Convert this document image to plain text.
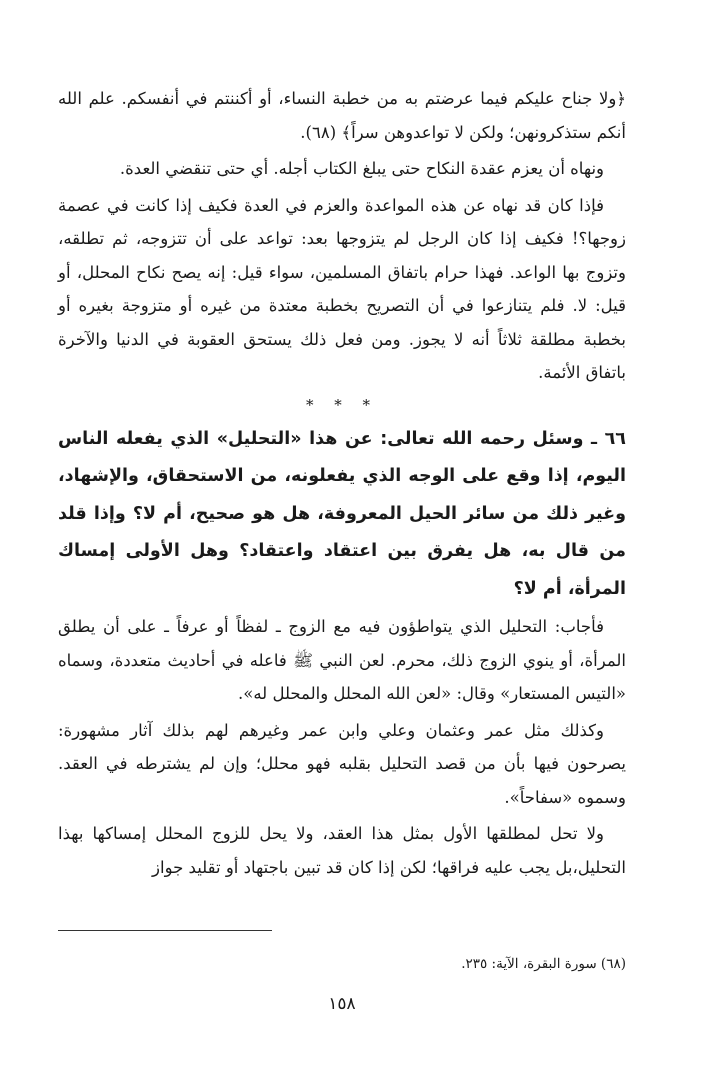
﴿ولا جناح عليكم فيما عرضتم به من خطبة النساء، أو أكننتم في أنفسكم. علم الله أنكم ستذكرونهن؛ ولكن لا تواعدوهن سراً﴾ (٦٨).

ونهاه أن يعزم عقدة النكاح حتى يبلغ الكتاب أجله. أي حتى تنقضي العدة.

فإذا كان قد نهاه عن هذه المواعدة والعزم في العدة فكيف إذا كانت في عصمة زوجها؟! فكيف إذا كان الرجل لم يتزوجها بعد: تواعد على أن تتزوجه، ثم تطلقه، وتزوج بها الواعد. فهذا حرام باتفاق المسلمين، سواء قيل: إنه يصح نكاح المحلل، أو قيل: لا. فلم يتنازعوا في أن التصريح بخطبة معتدة من غيره أو متزوجة بغيره أو بخطبة مطلقة ثلاثاً أنه لا يجوز. ومن فعل ذلك يستحق العقوبة في الدنيا والآخرة باتفاق الأئمة.

* * *

٦٦ ـ وسئل رحمه الله تعالى: عن هذا «التحليل» الذي يفعله الناس اليوم، إذا وقع على الوجه الذي يفعلونه، من الاستحقاق، والإشهاد، وغير ذلك من سائر الحيل المعروفة، هل هو صحيح، أم لا؟ وإذا قلد من قال به، هل يفرق بين اعتقاد واعتقاد؟ وهل الأولى إمساك المرأة، أم لا؟

فأجاب: التحليل الذي يتواطؤون فيه مع الزوج ـ لفظاً أو عرفاً ـ على أن يطلق المرأة، أو ينوي الزوج ذلك، محرم. لعن النبي ﷺ فاعله في أحاديث متعددة، وسماه «التيس المستعار» وقال: «لعن الله المحلل والمحلل له».

وكذلك مثل عمر وعثمان وعلي وابن عمر وغيرهم لهم بذلك آثار مشهورة: يصرحون فيها بأن من قصد التحليل بقلبه فهو محلل؛ وإن لم يشترطه في العقد. وسموه «سفاحاً».

ولا تحل لمطلقها الأول بمثل هذا العقد، ولا يحل للزوج المحلل إمساكها بهذا التحليل،بل يجب عليه فراقها؛ لكن إذا كان قد تبين باجتهاد أو تقليد جواز

(٦٨) سورة البقرة، الآية: ٢٣٥.
١٥٨
